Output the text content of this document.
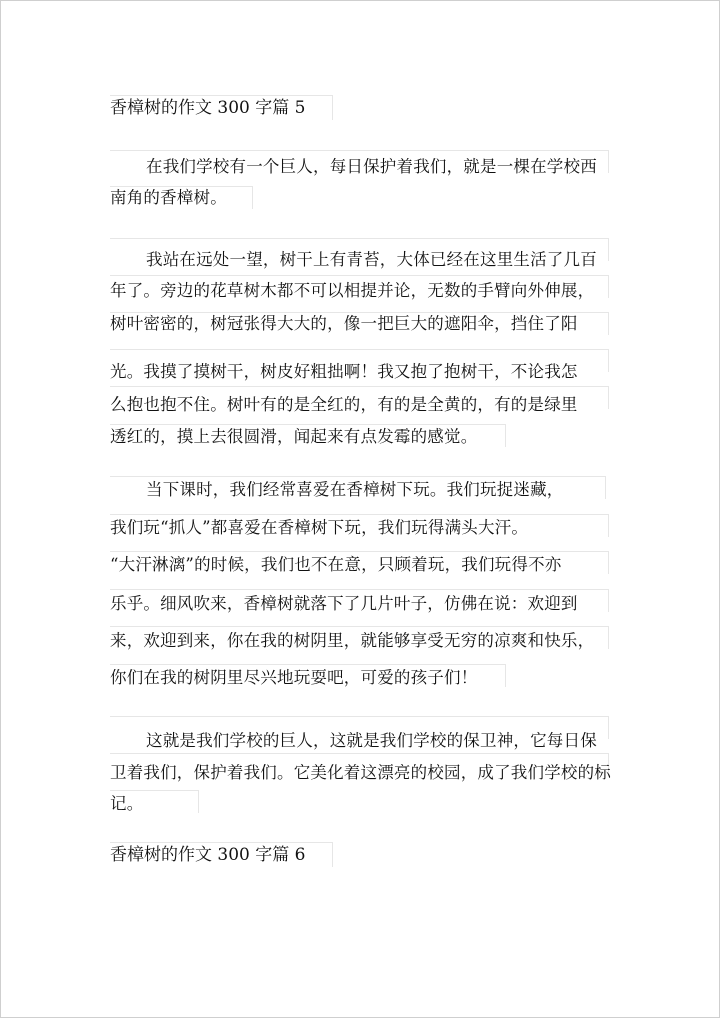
香樟树的作文 300 字篇 5
在我们学校有一个巨人，每日保护着我们，就是一棵在学校西
南角的香樟树。
我站在远处一望，树干上有青苔，大体已经在这里生活了几百
年了。旁边的花草树木都不可以相提并论，无数的手臂向外伸展，
树叶密密的，树冠张得大大的，像一把巨大的遮阳伞，挡住了阳
光。我摸了摸树干，树皮好粗拙啊！我又抱了抱树干，不论我怎
么抱也抱不住。树叶有的是全红的，有的是全黄的，有的是绿里
透红的，摸上去很圆滑，闻起来有点发霉的感觉。
当下课时，我们经常喜爱在香樟树下玩。我们玩捉迷藏，
我们玩“抓人”都喜爱在香樟树下玩，我们玩得满头大汗。
“大汗淋漓”的时候，我们也不在意，只顾着玩，我们玩得不亦
乐乎。细风吹来，香樟树就落下了几片叶子，仿佛在说：欢迎到
来，欢迎到来，你在我的树阴里，就能够享受无穷的凉爽和快乐，
你们在我的树阴里尽兴地玩耍吧，可爱的孩子们！
这就是我们学校的巨人，这就是我们学校的保卫神，它每日保
卫着我们，保护着我们。它美化着这漂亮的校园，成了我们学校的标
记。
香樟树的作文 300 字篇 6
